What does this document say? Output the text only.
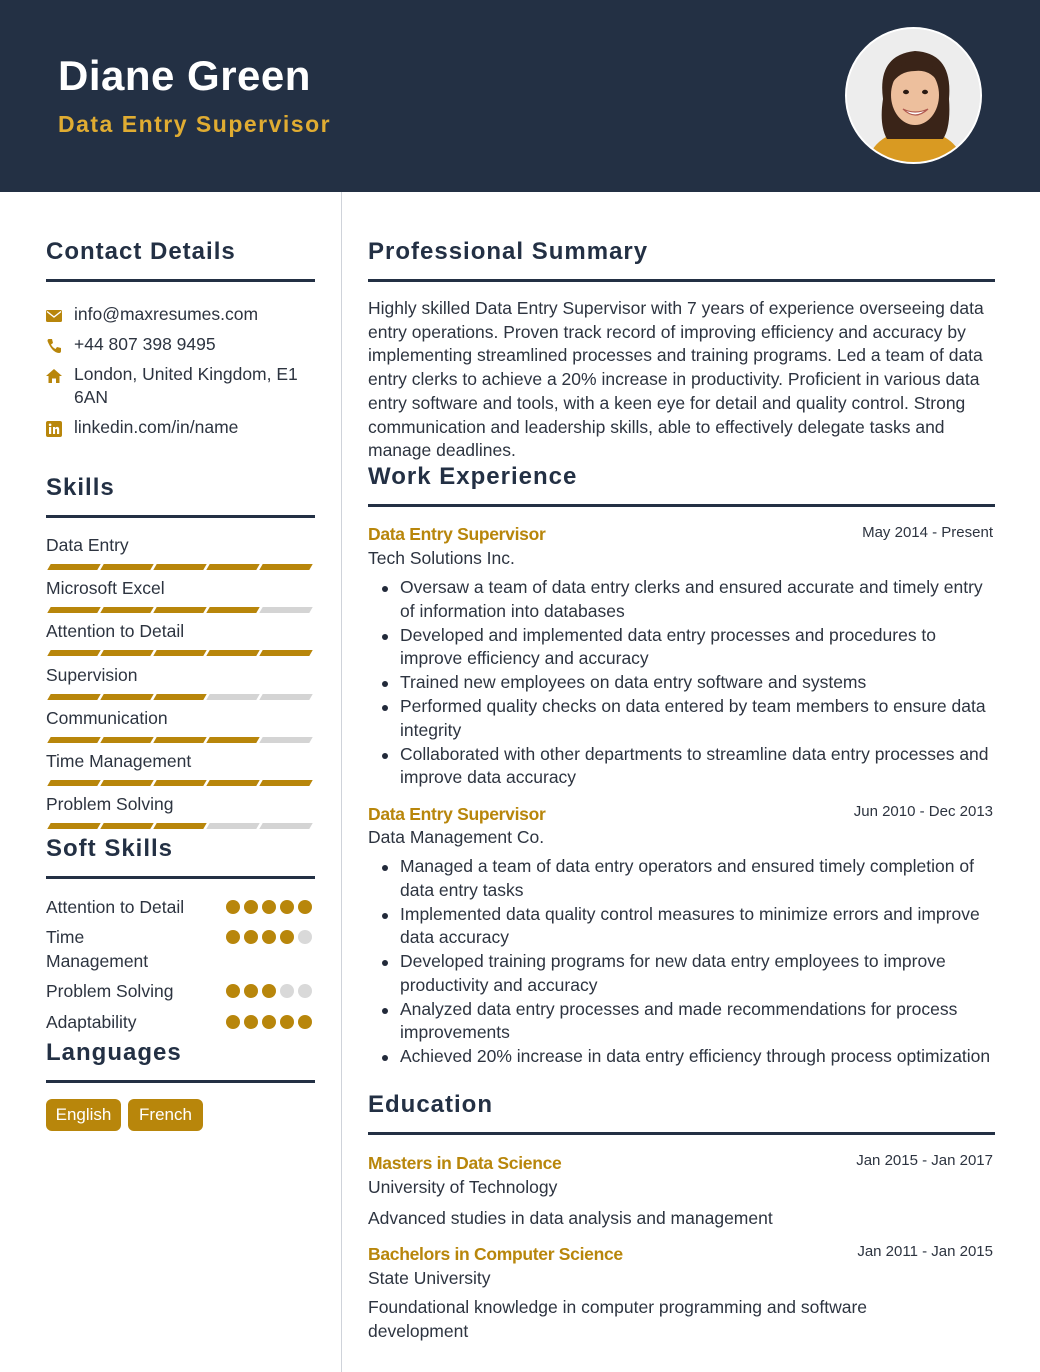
Diane Green
Data Entry Supervisor
Contact Details
info@maxresumes.com
+44 807 398 9495
London, United Kingdom, E1 6AN
linkedin.com/in/name
Skills
Data Entry
Microsoft Excel
Attention to Detail
Supervision
Communication
Time Management
Problem Solving
Soft Skills
Attention to Detail
Time Management
Problem Solving
Adaptability
Languages
English	French
Professional Summary
Highly skilled Data Entry Supervisor with 7 years of experience overseeing data entry operations. Proven track record of improving efficiency and accuracy by implementing streamlined processes and training programs. Led a team of data entry clerks to achieve a 20% increase in productivity. Proficient in various data entry software and tools, with a keen eye for detail and quality control. Strong communication and leadership skills, able to effectively delegate tasks and manage deadlines.
Work Experience
Data Entry Supervisor	May 2014 - Present
Tech Solutions Inc.
Oversaw a team of data entry clerks and ensured accurate and timely entry of information into databases
Developed and implemented data entry processes and procedures to improve efficiency and accuracy
Trained new employees on data entry software and systems
Performed quality checks on data entered by team members to ensure data integrity
Collaborated with other departments to streamline data entry processes and improve data accuracy
Data Entry Supervisor	Jun 2010 - Dec 2013
Data Management Co.
Managed a team of data entry operators and ensured timely completion of data entry tasks
Implemented data quality control measures to minimize errors and improve data accuracy
Developed training programs for new data entry employees to improve productivity and accuracy
Analyzed data entry processes and made recommendations for process improvements
Achieved 20% increase in data entry efficiency through process optimization
Education
Masters in Data Science	Jan 2015 - Jan 2017
University of Technology
Advanced studies in data analysis and management
Bachelors in Computer Science	Jan 2011 - Jan 2015
State University
Foundational knowledge in computer programming and software development
